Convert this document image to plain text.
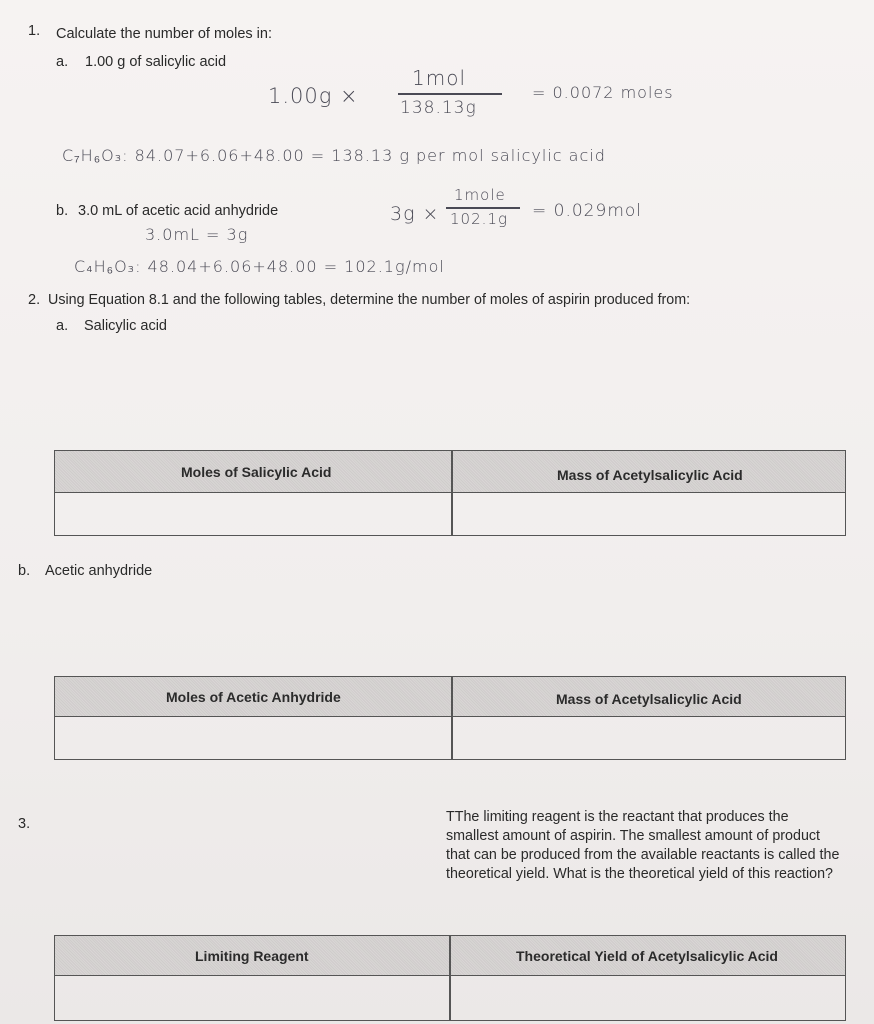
1. Calculate the number of moles in:
a. 1.00 g of salicylic acid
1.00g ×
1mol
138.13g
= 0.0072 moles
C₇H₆O₃: 84.07+6.06+48.00 = 138.13 g per mol salicylic acid
b. 3.0 mL of acetic acid anhydride	3g ×
1mole
102.1g = 0.029mol
3.0mL = 3g
C₄H₆O₃: 48.04+6.06+48.00 = 102.1g/mol
2. Using Equation 8.1 and the following tables, determine the number of moles of aspirin produced from:
a. Salicylic acid
Moles of Salicylic Acid	Mass of Acetylsalicylic Acid
b. Acetic anhydride
Moles of Acetic Anhydride	Mass of Acetylsalicylic Acid
3.	TThe limiting reagent is the reactant that produces the smallest amount of aspirin. The smallest amount of product that can be produced from the available reactants is called the theoretical yield. What is the theoretical yield of this reaction?
Limiting Reagent	Theoretical Yield of Acetylsalicylic Acid
